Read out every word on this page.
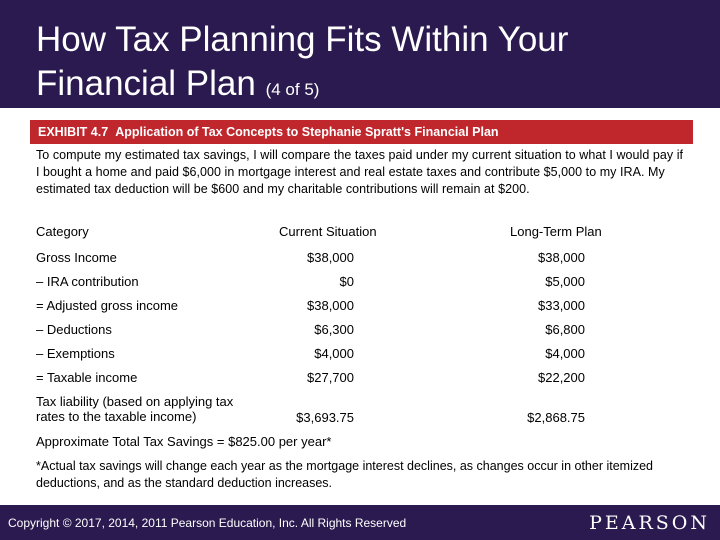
How Tax Planning Fits Within Your Financial Plan (4 of 5)
EXHIBIT 4.7 Application of Tax Concepts to Stephanie Spratt's Financial Plan
To compute my estimated tax savings, I will compare the taxes paid under my current situation to what I would pay if I bought a home and paid $6,000 in mortgage interest and real estate taxes and contribute $5,000 to my IRA. My estimated tax deduction will be $600 and my charitable contributions will remain at $200.
Category	Current Situation	Long-Term Plan
Gross Income	$38,000	$38,000
– IRA contribution	$0	$5,000
= Adjusted gross income	$38,000	$33,000
– Deductions	$6,300	$6,800
– Exemptions	$4,000	$4,000
= Taxable income	$27,700	$22,200
Tax liability (based on applying tax rates to the taxable income)	$3,693.75	$2,868.75
Approximate Total Tax Savings = $825.00 per year*
*Actual tax savings will change each year as the mortgage interest declines, as changes occur in other itemized deductions, and as the standard deduction increases.
Copyright © 2017, 2014, 2011 Pearson Education, Inc. All Rights Reserved	PEARSON
